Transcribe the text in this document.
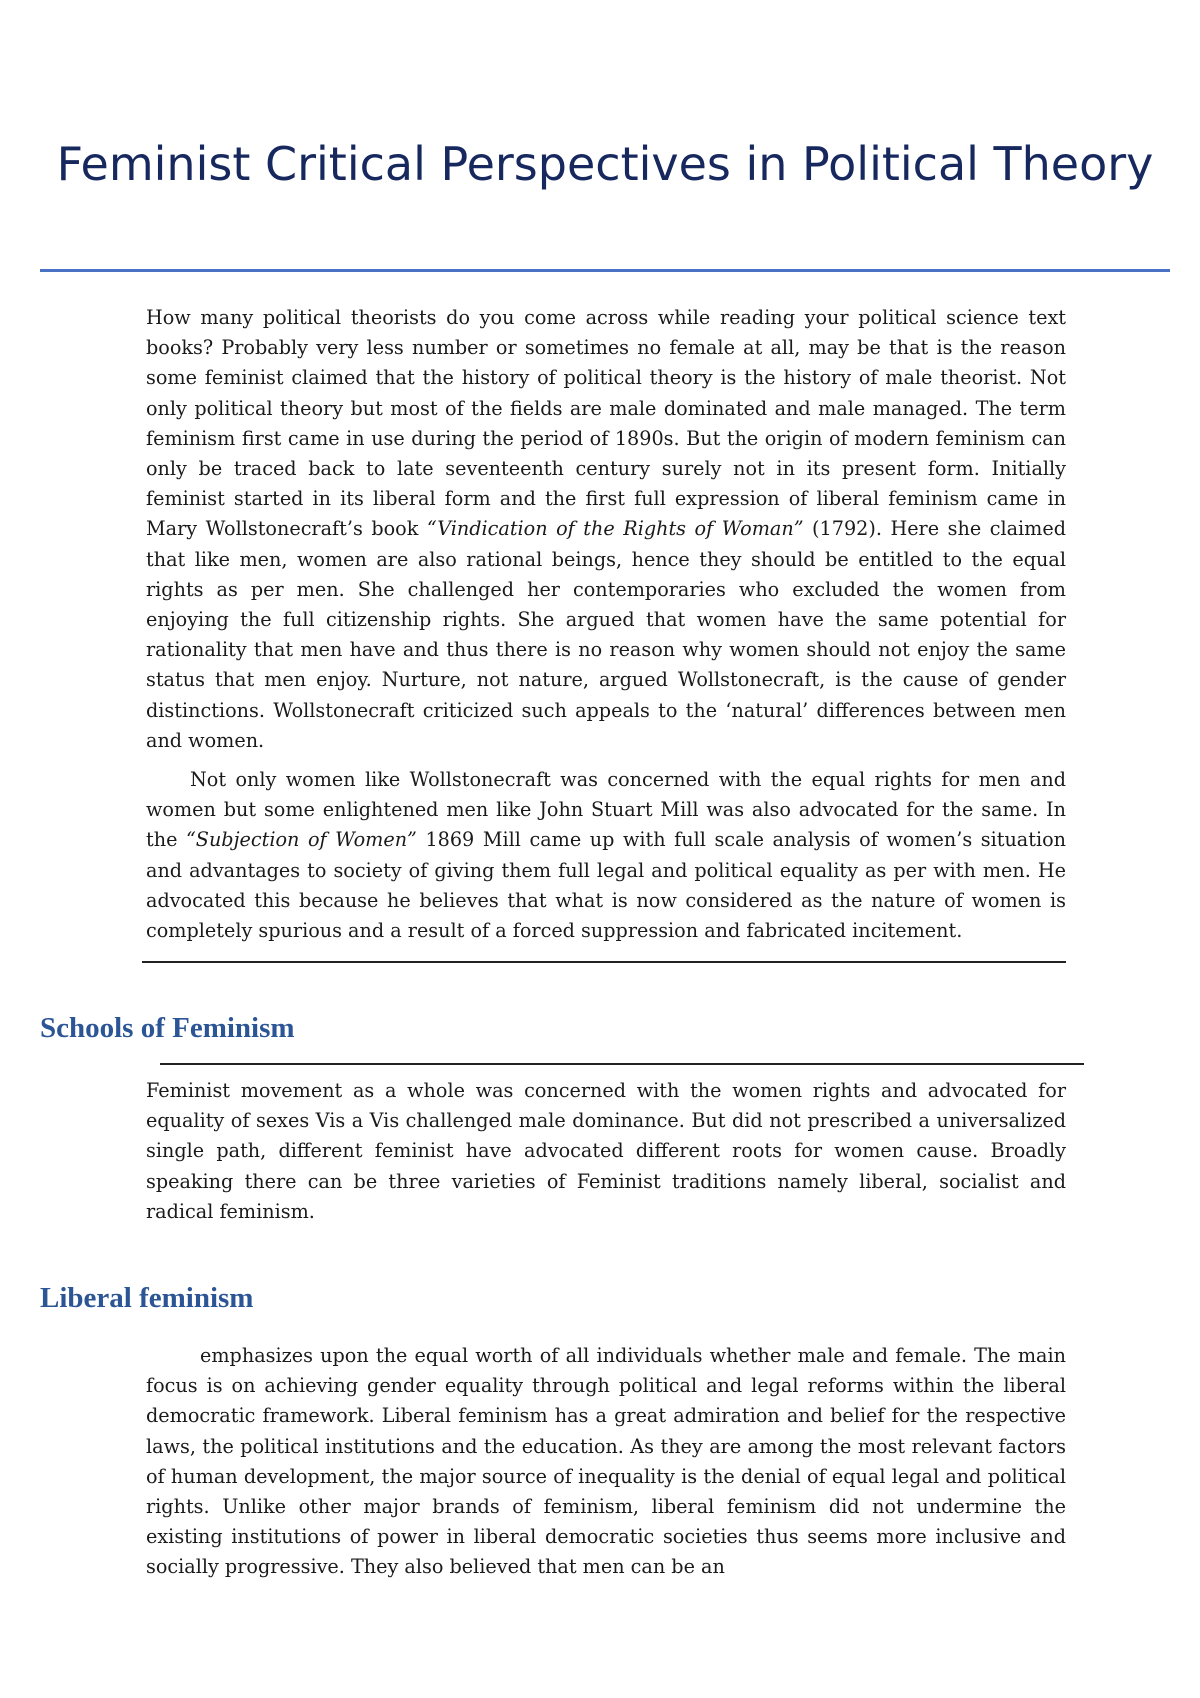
Feminist Critical Perspectives in Political Theory

How many political theorists do you come across while reading your political science text books? Probably very less number or sometimes no female at all, may be that is the reason some feminist claimed that the history of political theory is the history of male theorist. Not only political theory but most of the fields are male dominated and male managed. The term feminism first came in use during the period of 1890s. But the origin of modern feminism can only be traced back to late seventeenth century surely not in its present form. Initially feminist started in its liberal form and the first full expression of liberal feminism came in Mary Wollstonecraft’s book “Vindication of the Rights of Woman” (1792). Here she claimed that like men, women are also rational beings, hence they should be entitled to the equal rights as per men. She challenged her contemporaries who excluded the women from enjoying the full citizenship rights. She argued that women have the same potential for rationality that men have and thus there is no reason why women should not enjoy the same status that men enjoy. Nurture, not nature, argued Wollstonecraft, is the cause of gender distinctions. Wollstonecraft criticized such appeals to the ‘natural’ differences between men and women.

Not only women like Wollstonecraft was concerned with the equal rights for men and women but some enlightened men like John Stuart Mill was also advocated for the same. In the “Subjection of Women” 1869 Mill came up with full scale analysis of women’s situation and advantages to society of giving them full legal and political equality as per with men. He advocated this because he believes that what is now considered as the nature of women is completely spurious and a result of a forced suppression and fabricated incitement.

Schools of Feminism

Feminist movement as a whole was concerned with the women rights and advocated for equality of sexes Vis a Vis challenged male dominance. But did not prescribed a universalized single path, different feminist have advocated different roots for women cause. Broadly speaking there can be three varieties of Feminist traditions namely liberal, socialist and radical feminism.

Liberal feminism

emphasizes upon the equal worth of all individuals whether male and female. The main focus is on achieving gender equality through political and legal reforms within the liberal democratic framework. Liberal feminism has a great admiration and belief for the respective laws, the political institutions and the education. As they are among the most relevant factors of human development, the major source of inequality is the denial of equal legal and political rights. Unlike other major brands of feminism, liberal feminism did not undermine the existing institutions of power in liberal democratic societies thus seems more inclusive and socially progressive. They also believed that men can be an
